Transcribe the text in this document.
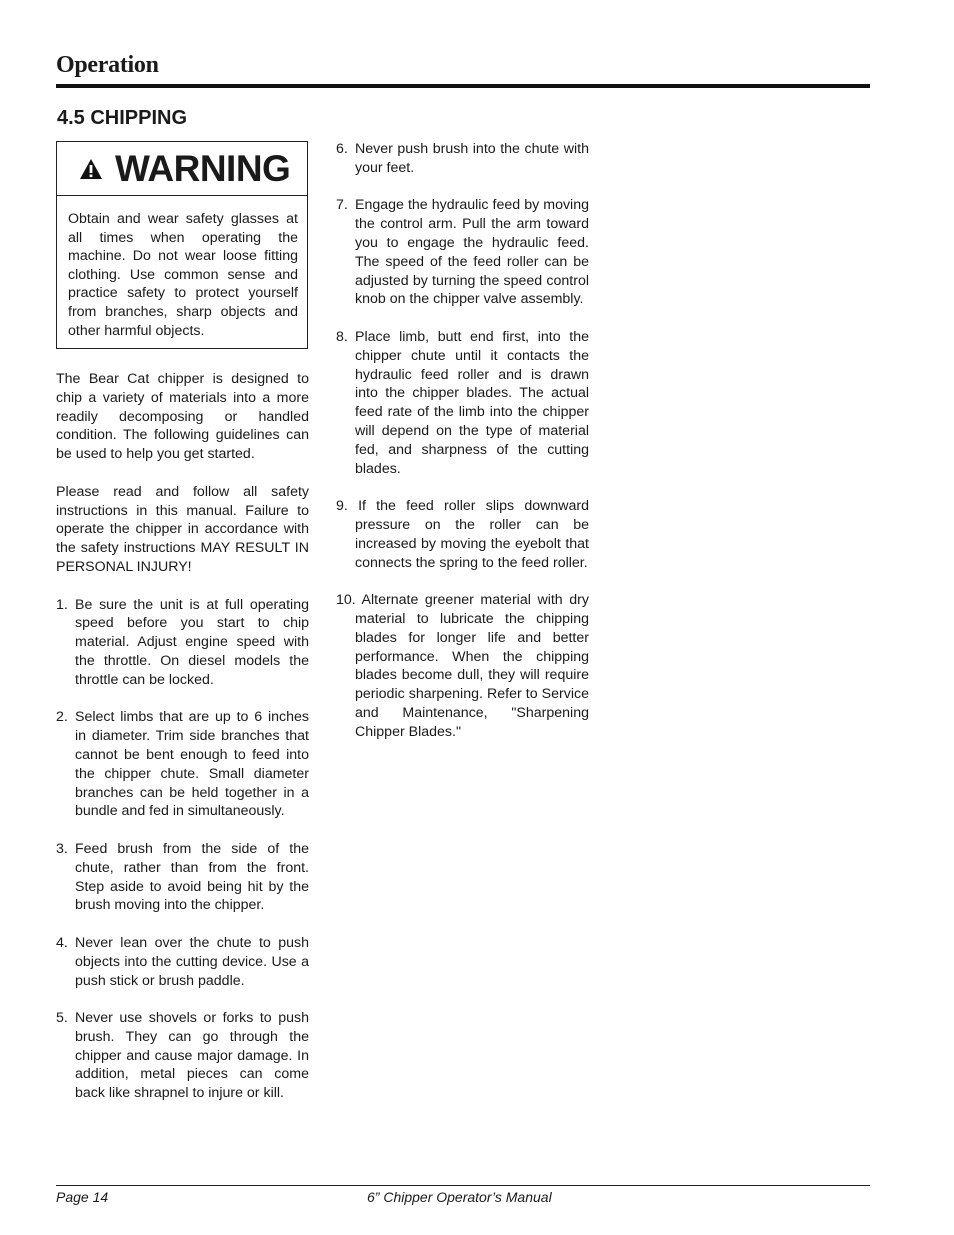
Operation
4.5 CHIPPING
WARNING
Obtain and wear safety glasses at all times when operating the machine. Do not wear loose fitting clothing. Use common sense and practice safety to protect yourself from branches, sharp objects and other harmful objects.

The Bear Cat chipper is designed to chip a variety of materials into a more readily decomposing or handled condition. The following guidelines can be used to help you get started.

Please read and follow all safety instructions in this manual. Failure to operate the chipper in accordance with the safety instructions MAY RESULT IN PERSONAL INJURY!

1. Be sure the unit is at full operating speed before you start to chip material. Adjust engine speed with the throttle. On diesel models the throttle can be locked.
2. Select limbs that are up to 6 inches in diameter. Trim side branches that cannot be bent enough to feed into the chipper chute. Small diameter branches can be held together in a bundle and fed in simultaneously.
3. Feed brush from the side of the chute, rather than from the front. Step aside to avoid being hit by the brush moving into the chipper.
4. Never lean over the chute to push objects into the cutting device. Use a push stick or brush paddle.
5. Never use shovels or forks to push brush. They can go through the chipper and cause major damage. In addition, metal pieces can come back like shrapnel to injure or kill.
6. Never push brush into the chute with your feet.
7. Engage the hydraulic feed by moving the control arm. Pull the arm toward you to engage the hydraulic feed. The speed of the feed roller can be adjusted by turning the speed control knob on the chipper valve assembly.
8. Place limb, butt end first, into the chipper chute until it contacts the hydraulic feed roller and is drawn into the chipper blades. The actual feed rate of the limb into the chipper will depend on the type of material fed, and sharpness of the cutting blades.
9. If the feed roller slips downward pressure on the roller can be increased by moving the eyebolt that connects the spring to the feed roller.
10. Alternate greener material with dry material to lubricate the chipping blades for longer life and better performance. When the chipping blades become dull, they will require periodic sharpening. Refer to Service and Maintenance, "Sharpening Chipper Blades."
Page 14	6” Chipper Operator’s Manual
